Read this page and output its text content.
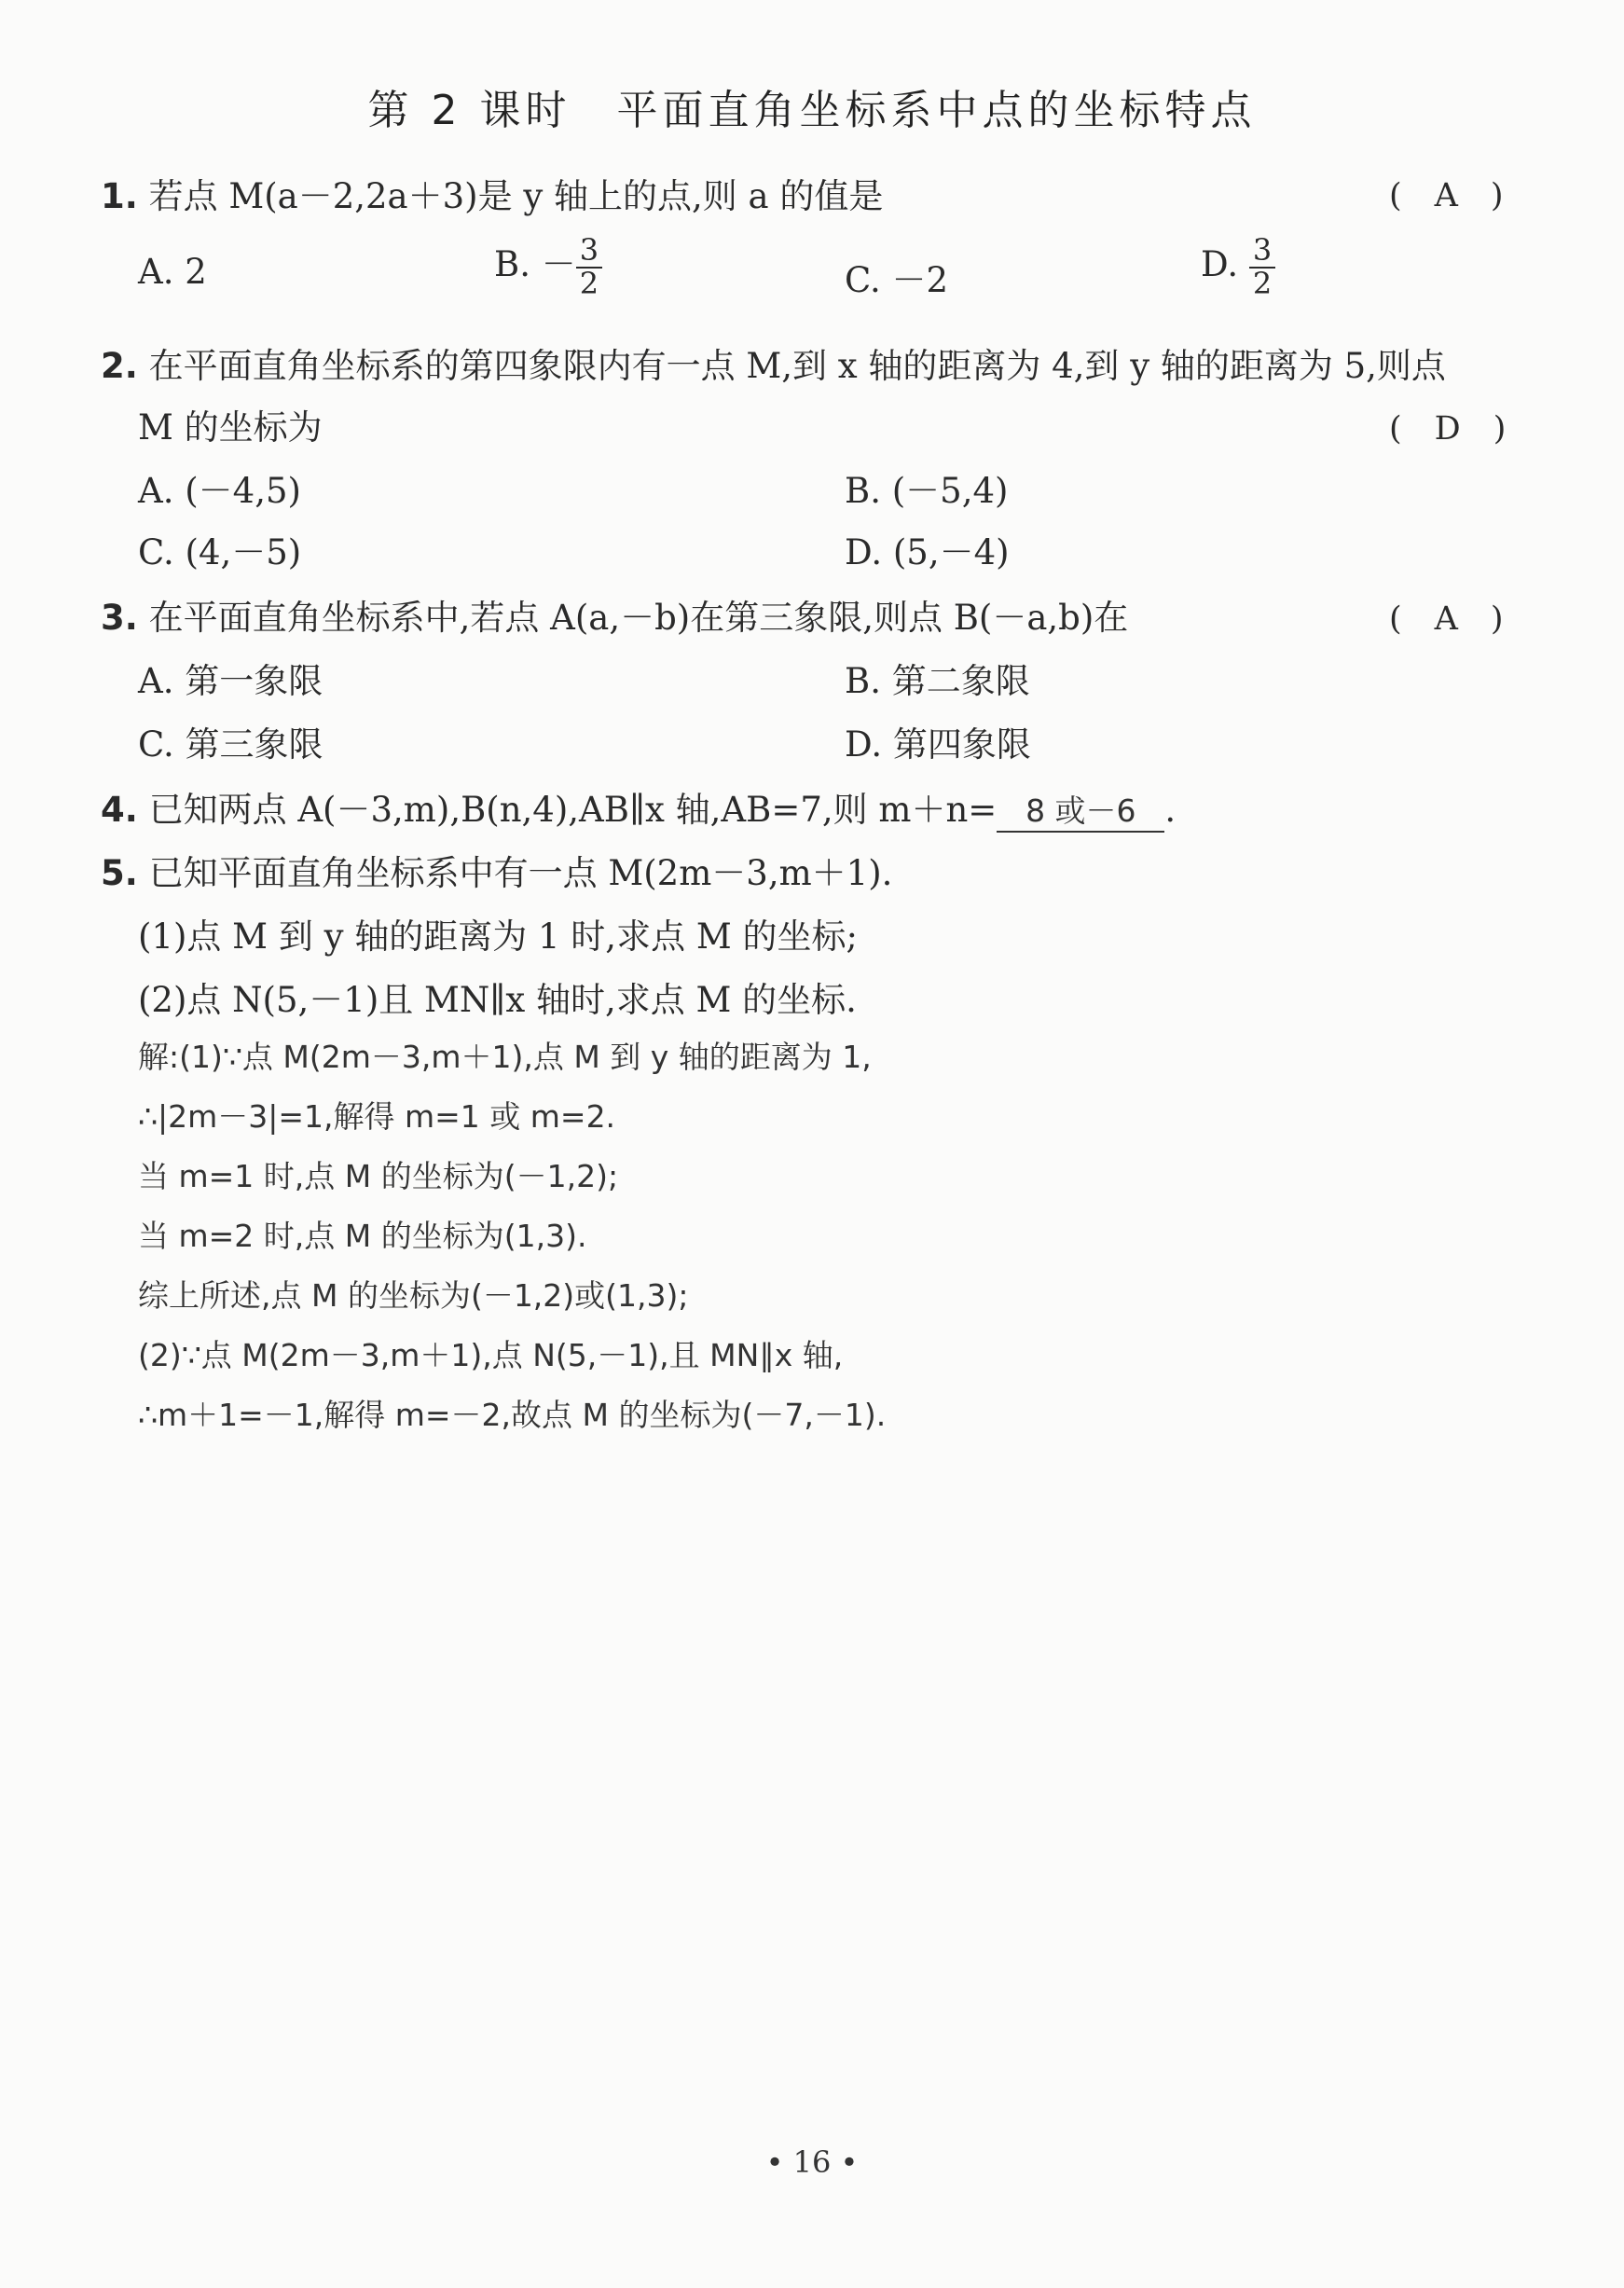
第 2 课时　平面直角坐标系中点的坐标特点
1. 若点 M(a－2,2a＋3)是 y 轴上的点,则 a 的值是	(　A　)
A. 2	B. － $\frac{3}{2}$	C. －2	D. $\frac{3}{2}$
2. 在平面直角坐标系的第四象限内有一点 M,到 x 轴的距离为 4,到 y 轴的距离为 5,则点
M 的坐标为	(　D　)
A. (－4,5)	B. (－5,4)
C. (4,－5)	D. (5,－4)
3. 在平面直角坐标系中,若点 A(a,－b)在第三象限,则点 B(－a,b)在	(　A　)
A. 第一象限	B. 第二象限
C. 第三象限	D. 第四象限
4. 已知两点 A(－3,m),B(n,4),AB∥x 轴,AB=7,则 m＋n= 8 或－6 .
5. 已知平面直角坐标系中有一点 M(2m－3,m＋1).
(1)点 M 到 y 轴的距离为 1 时,求点 M 的坐标;
(2)点 N(5,－1)且 MN∥x 轴时,求点 M 的坐标.
解:(1)∵点 M(2m－3,m＋1),点 M 到 y 轴的距离为 1,
∴|2m－3|=1,解得 m=1 或 m=2.
当 m=1 时,点 M 的坐标为(－1,2);
当 m=2 时,点 M 的坐标为(1,3).
综上所述,点 M 的坐标为(－1,2)或(1,3);
(2)∵点 M(2m－3,m＋1),点 N(5,－1),且 MN∥x 轴,
∴m＋1=－1,解得 m=－2,故点 M 的坐标为(－7,－1).
• 16 •
